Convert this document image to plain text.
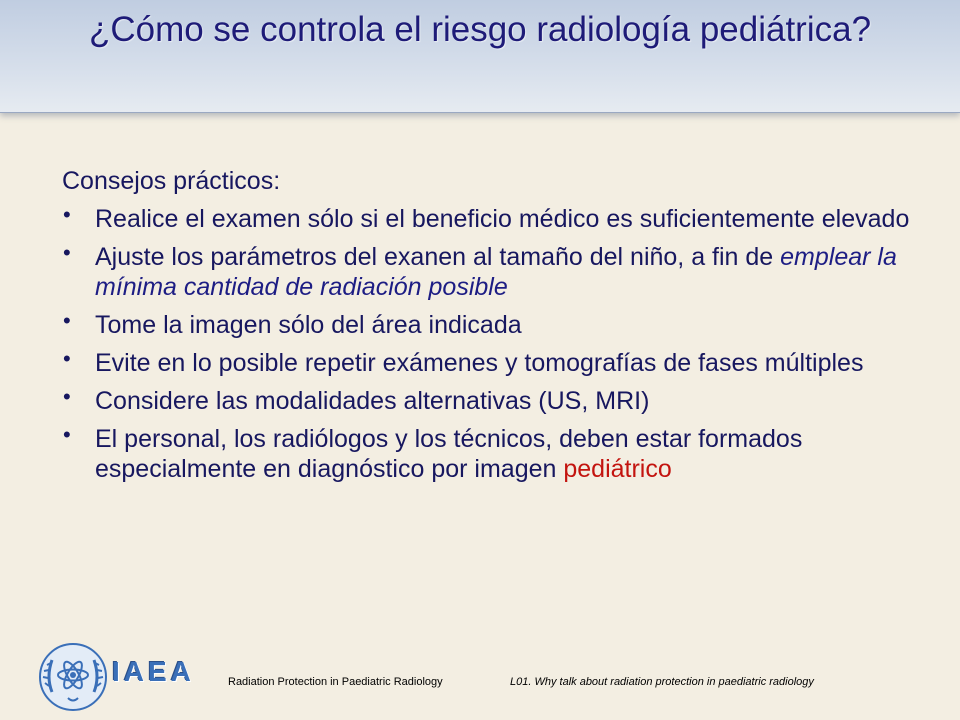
¿Cómo se controla el riesgo radiología pediátrica?
Consejos prácticos:
• Realice el examen sólo si el beneficio médico es suficientemente elevado
• Ajuste los parámetros del exanen al tamaño del niño, a fin de emplear la mínima cantidad de radiación posible
• Tome la imagen sólo del área indicada
• Evite en lo posible repetir exámenes y tomografías de fases múltiples
• Considere las modalidades alternativas (US, MRI)
• El personal, los radiólogos y los técnicos, deben estar formados especialmente en diagnóstico por imagen pediátrico
IAEA	Radiation Protection in Paediatric Radiology	L01. Why talk about radiation protection in paediatric radiology
